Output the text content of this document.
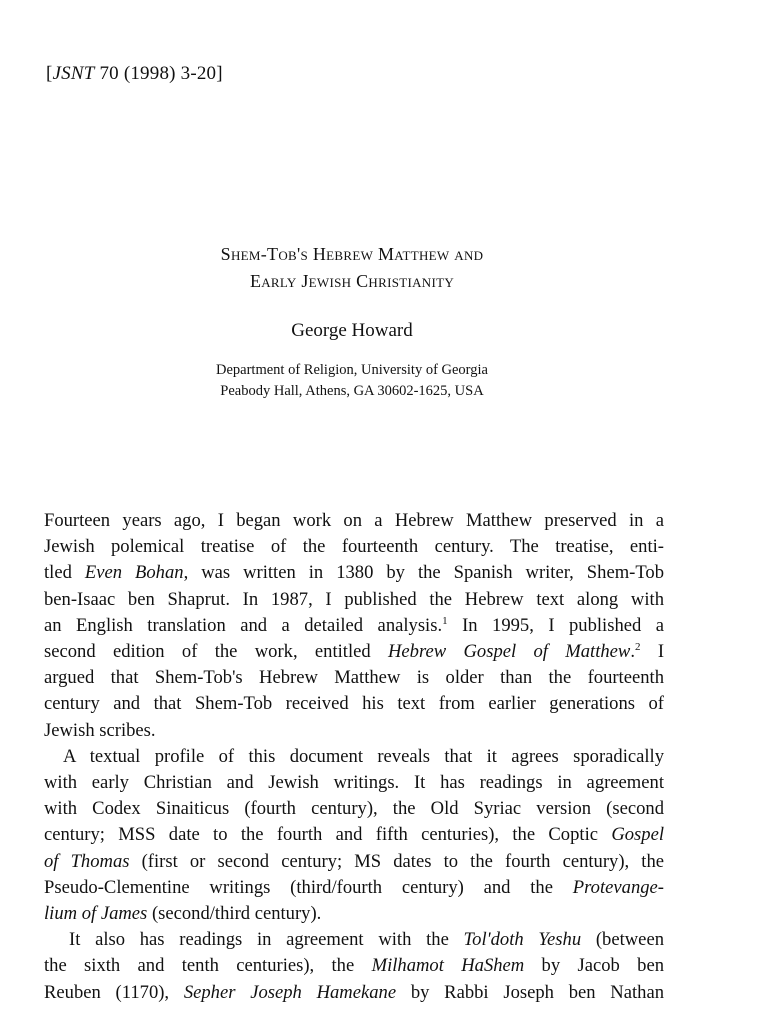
[JSNT 70 (1998) 3-20]
Shem-Tob's Hebrew Matthew and
Early Jewish Christianity
George Howard
Department of Religion, University of Georgia
Peabody Hall, Athens, GA 30602-1625, USA
Fourteen years ago, I began work on a Hebrew Matthew preserved in a
Jewish polemical treatise of the fourteenth century. The treatise, enti-
tled Even Bohan, was written in 1380 by the Spanish writer, Shem-Tob
ben-Isaac ben Shaprut. In 1987, I published the Hebrew text along with
an English translation and a detailed analysis.$^1$ In 1995, I published a
second edition of the work, entitled Hebrew Gospel of Matthew.$^2$ I
argued that Shem-Tob's Hebrew Matthew is older than the fourteenth
century and that Shem-Tob received his text from earlier generations of
Jewish scribes.
A textual profile of this document reveals that it agrees sporadically
with early Christian and Jewish writings. It has readings in agreement
with Codex Sinaiticus (fourth century), the Old Syriac version (second
century; MSS date to the fourth and fifth centuries), the Coptic Gospel
of Thomas (first or second century; MS dates to the fourth century), the
Pseudo-Clementine writings (third/fourth century) and the Protevange-
lium of James (second/third century).
It also has readings in agreement with the Tol'doth Yeshu (between
the sixth and tenth centuries), the Milhamot HaShem by Jacob ben
Reuben (1170), Sepher Joseph Hamekane by Rabbi Joseph ben Nathan
